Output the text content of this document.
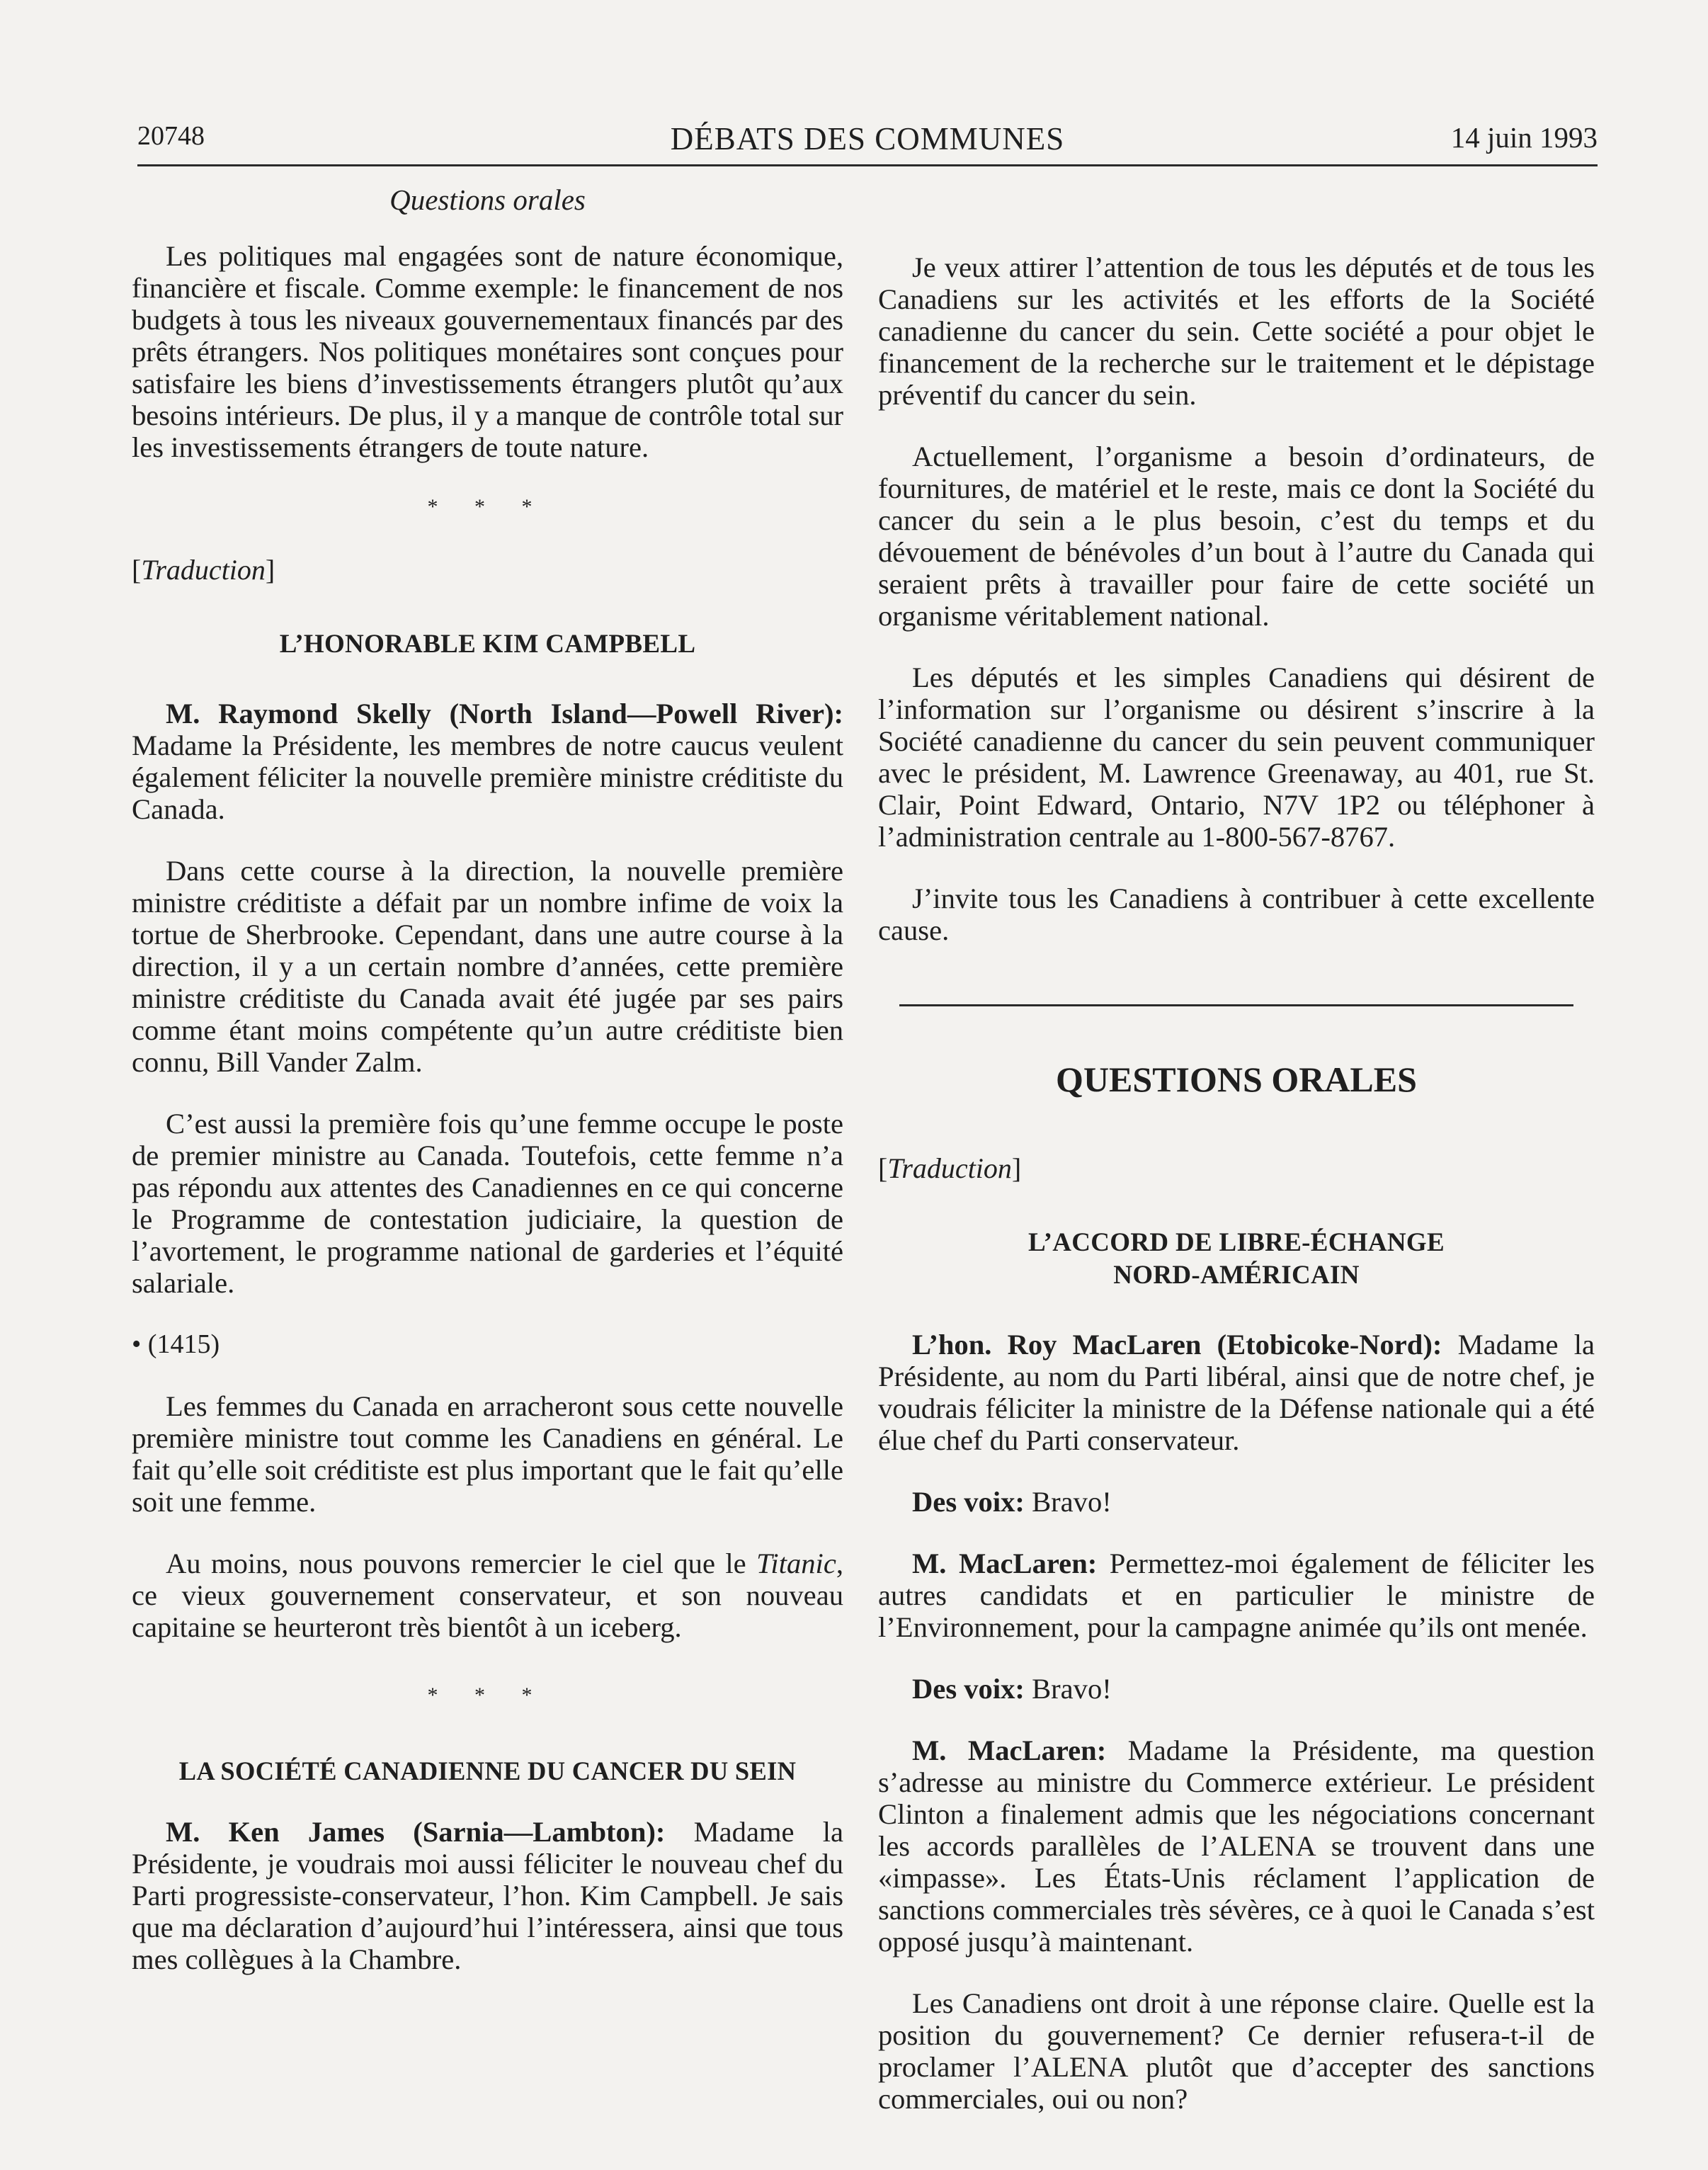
20748	DÉBATS DES COMMUNES	14 juin 1993
Questions orales

Les politiques mal engagées sont de nature économique, financière et fiscale. Comme exemple: le financement de nos budgets à tous les niveaux gouvernementaux financés par des prêts étrangers. Nos politiques monétaires sont conçues pour satisfaire les biens d’investissements étrangers plutôt qu’aux besoins intérieurs. De plus, il y a manque de contrôle total sur les investissements étrangers de toute nature.

* * *
[Traduction]
L’HONORABLE KIM CAMPBELL

M. Raymond Skelly (North Island—Powell River): Madame la Présidente, les membres de notre caucus veulent également féliciter la nouvelle première ministre créditiste du Canada.

Dans cette course à la direction, la nouvelle première ministre créditiste a défait par un nombre infime de voix la tortue de Sherbrooke. Cependant, dans une autre course à la direction, il y a un certain nombre d’années, cette première ministre créditiste du Canada avait été jugée par ses pairs comme étant moins compétente qu’un autre créditiste bien connu, Bill Vander Zalm.

C’est aussi la première fois qu’une femme occupe le poste de premier ministre au Canada. Toutefois, cette femme n’a pas répondu aux attentes des Canadiennes en ce qui concerne le Programme de contestation judiciaire, la question de l’avortement, le programme national de garderies et l’équité salariale.

• (1415)

Les femmes du Canada en arracheront sous cette nouvelle première ministre tout comme les Canadiens en général. Le fait qu’elle soit créditiste est plus important que le fait qu’elle soit une femme.

Au moins, nous pouvons remercier le ciel que le Titanic, ce vieux gouvernement conservateur, et son nouveau capitaine se heurteront très bientôt à un iceberg.

* * *
LA SOCIÉTÉ CANADIENNE DU CANCER DU SEIN

M. Ken James (Sarnia—Lambton): Madame la Présidente, je voudrais moi aussi féliciter le nouveau chef du Parti progressiste-conservateur, l’hon. Kim Campbell. Je sais que ma déclaration d’aujourd’hui l’intéressera, ainsi que tous mes collègues à la Chambre.

Je veux attirer l’attention de tous les députés et de tous les Canadiens sur les activités et les efforts de la Société canadienne du cancer du sein. Cette société a pour objet le financement de la recherche sur le traitement et le dépistage préventif du cancer du sein.

Actuellement, l’organisme a besoin d’ordinateurs, de fournitures, de matériel et le reste, mais ce dont la Société du cancer du sein a le plus besoin, c’est du temps et du dévouement de bénévoles d’un bout à l’autre du Canada qui seraient prêts à travailler pour faire de cette société un organisme véritablement national.

Les députés et les simples Canadiens qui désirent de l’information sur l’organisme ou désirent s’inscrire à la Société canadienne du cancer du sein peuvent communiquer avec le président, M. Lawrence Greenaway, au 401, rue St. Clair, Point Edward, Ontario, N7V 1P2 ou téléphoner à l’administration centrale au 1-800-567-8767.

J’invite tous les Canadiens à contribuer à cette excellente cause.

QUESTIONS ORALES
[Traduction]
L’ACCORD DE LIBRE-ÉCHANGE
NORD-AMÉRICAIN

L’hon. Roy MacLaren (Etobicoke-Nord): Madame la Présidente, au nom du Parti libéral, ainsi que de notre chef, je voudrais féliciter la ministre de la Défense nationale qui a été élue chef du Parti conservateur.

Des voix: Bravo!

M. MacLaren: Permettez-moi également de féliciter les autres candidats et en particulier le ministre de l’Environnement, pour la campagne animée qu’ils ont menée.

Des voix: Bravo!

M. MacLaren: Madame la Présidente, ma question s’adresse au ministre du Commerce extérieur. Le président Clinton a finalement admis que les négociations concernant les accords parallèles de l’ALENA se trouvent dans une «impasse». Les États-Unis réclament l’application de sanctions commerciales très sévères, ce à quoi le Canada s’est opposé jusqu’à maintenant.

Les Canadiens ont droit à une réponse claire. Quelle est la position du gouvernement? Ce dernier refusera-t-il de proclamer l’ALENA plutôt que d’accepter des sanctions commerciales, oui ou non?
